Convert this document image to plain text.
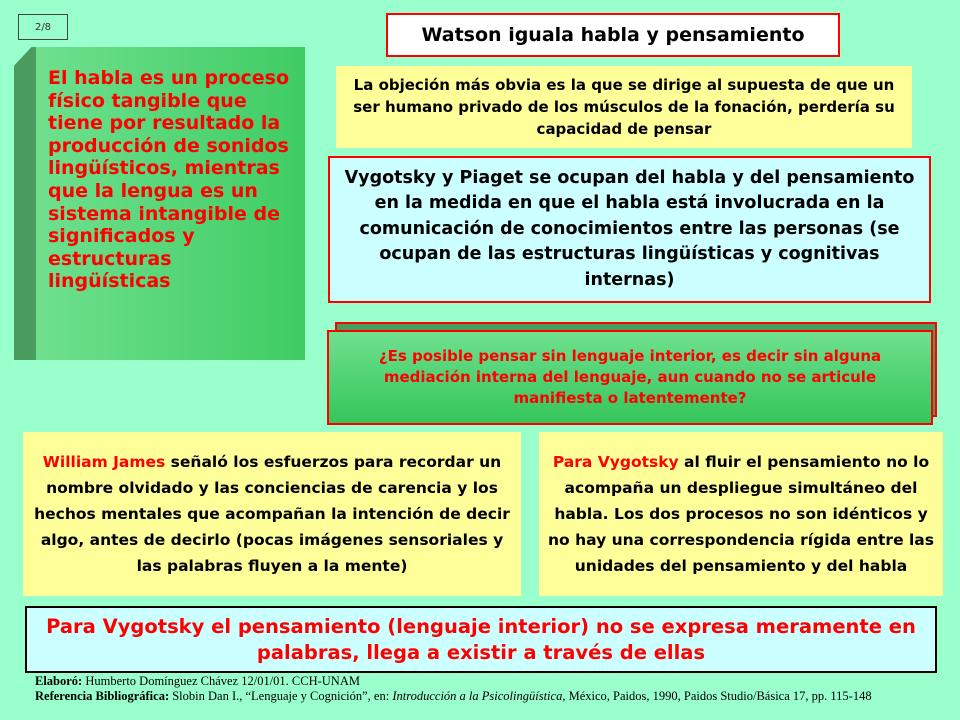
2/8
El habla es un proceso físico tangible que tiene por resultado la producción de sonidos lingüísticos, mientras que la lengua es un sistema intangible de significados y estructuras lingüísticas
Watson iguala habla y pensamiento
La objeción más obvia es la que se dirige al supuesta de que un ser humano privado de los músculos de la fonación, perdería su capacidad de pensar
Vygotsky y Piaget se ocupan del habla y del pensamiento en la medida en que el habla está involucrada en la comunicación de conocimientos entre las personas (se ocupan de las estructuras lingüísticas y cognitivas internas)
¿Es posible pensar sin lenguaje interior, es decir sin alguna mediación interna del lenguaje, aun cuando no se articule manifiesta o latentemente?
William James señaló los esfuerzos para recordar un nombre olvidado y las conciencias de carencia y los hechos mentales que acompañan la intención de decir algo, antes de decirlo (pocas imágenes sensoriales y las palabras fluyen a la mente)
Para Vygotsky al fluir el pensamiento no lo acompaña un despliegue simultáneo del habla. Los dos procesos no son idénticos y no hay una correspondencia rígida entre las unidades del pensamiento y del habla
Para Vygotsky el pensamiento (lenguaje interior) no se expresa meramente en palabras, llega a existir a través de ellas
Elaboró: Humberto Domínguez Chávez 12/01/01. CCH-UNAM
Referencia Bibliográfica: Slobin Dan I., “Lenguaje y Cognición”, en: Introducción a la Psicolingüística, México, Paidos, 1990, Paidos Studio/Básica 17, pp. 115-148
